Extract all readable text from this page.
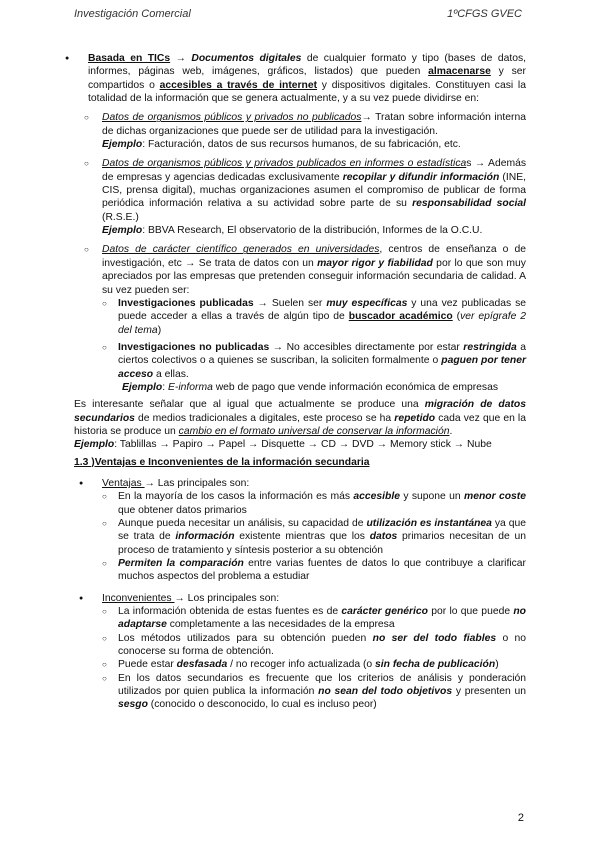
Investigación Comercial	1ºCFGS GVEC

● Basada en TICs → Documentos digitales de cualquier formato y tipo (bases de datos, informes, páginas web, imágenes, gráficos, listados) que pueden almacenarse y ser compartidos o accesibles a través de internet y dispositivos digitales. Constituyen casi la totalidad de la información que se genera actualmente, y a su vez puede dividirse en:

○ Datos de organismos públicos y privados no publicados→ Tratan sobre información interna de dichas organizaciones que puede ser de utilidad para la investigación.

Ejemplo: Facturación, datos de sus recursos humanos, de su fabricación, etc.

○ Datos de organismos públicos y privados publicados en informes o estadísticas → Además de empresas y agencias dedicadas exclusivamente recopilar y difundir información (INE, CIS, prensa digital), muchas organizaciones asumen el compromiso de publicar de forma periódica información relativa a su actividad sobre parte de su responsabilidad social (R.S.E.)

Ejemplo: BBVA Research, El observatorio de la distribución, Informes de la O.C.U.

○ Datos de carácter científico generados en universidades, centros de enseñanza o de investigación, etc → Se trata de datos con un mayor rigor y fiabilidad por lo que son muy apreciados por las empresas que pretenden conseguir información secundaria de calidad. A su vez pueden ser:

○ Investigaciones publicadas → Suelen ser muy específicas y una vez publicadas se puede acceder a ellas a través de algún tipo de buscador académico (ver epígrafe 2 del tema)

○ Investigaciones no publicadas → No accesibles directamente por estar restringida a ciertos colectivos o a quienes se suscriban, la soliciten formalmente o paguen por tener acceso a ellas.

Ejemplo: E-informa web de pago que vende información económica de empresas

Es interesante señalar que al igual que actualmente se produce una migración de datos secundarios de medios tradicionales a digitales, este proceso se ha repetido cada vez que en la historia se produce un cambio en el formato universal de conservar la información.

Ejemplo: Tablillas → Papiro → Papel → Disquette → CD → DVD → Memory stick → Nube

1.3 )Ventajas e Inconvenientes de la información secundaria

● Ventajas → Las principales son:

○ En la mayoría de los casos la información es más accesible y supone un menor coste que obtener datos primarios

○ Aunque pueda necesitar un análisis, su capacidad de utilización es instantánea ya que se trata de información existente mientras que los datos primarios necesitan de un proceso de tratamiento y síntesis posterior a su obtención

○ Permiten la comparación entre varias fuentes de datos lo que contribuye a clarificar muchos aspectos del problema a estudiar

● Inconvenientes → Los principales son:

○ La información obtenida de estas fuentes es de carácter genérico por lo que puede no adaptarse completamente a las necesidades de la empresa

○ Los métodos utilizados para su obtención pueden no ser del todo fiables o no conocerse su forma de obtención.

○ Puede estar desfasada / no recoger info actualizada (o sin fecha de publicación)

○ En los datos secundarios es frecuente que los criterios de análisis y ponderación utilizados por quien publica la información no sean del todo objetivos y presenten un sesgo (conocido o desconocido, lo cual es incluso peor)

2
